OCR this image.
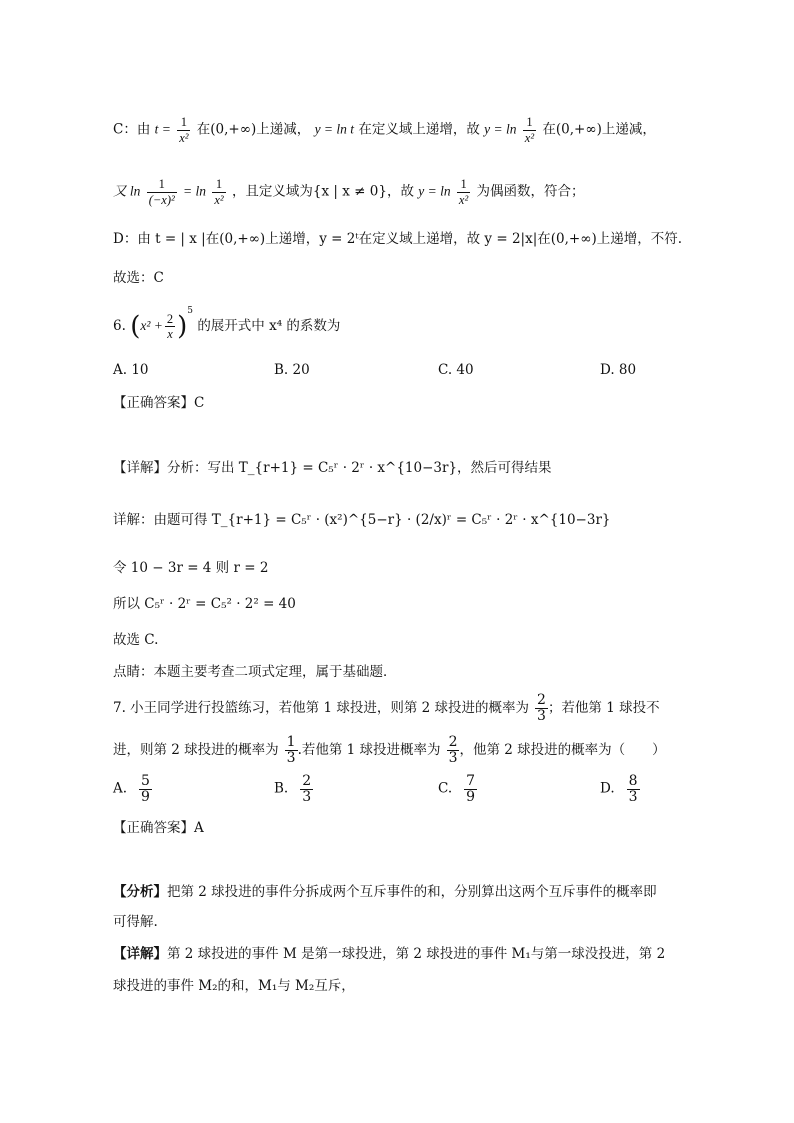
C：由 $t = \frac{1}{\text{x²}}$ 在(0,+∞)上递减， y = ln t 在定义域上递增，故 $y = \ln \frac{1}{\text{x²}}$ 在(0,+∞)上递减，
又 $\ln \frac{1}{\text{(−x)²}} = \ln \frac{1}{\text{x²}}$ ，且定义域为{x | x ≠ 0}，故 $y = \ln \frac{1}{\text{x²}}$ 为偶函数，符合；
D：由 t = | x |在(0,+∞)上递增，y = 2ᵗ在定义域上递增，故 y = 2|x|在(0,+∞)上递增，不符.
故选：C
6. $(x^2 + \frac{2}{x} )^5$ 的展开式中 x⁴ 的系数为
A. 10	B. 20	C. 40	D. 80
【正确答案】C
【详解】分析：写出 T_{r+1} = C₅ʳ · 2ʳ · x^{10−3r}，然后可得结果
详解：由题可得 T_{r+1} = C₅ʳ · (x²)^{5−r} · (2/x)ʳ = C₅ʳ · 2ʳ · x^{10−3r}
令 10 − 3r = 4 则 r = 2
所以 C₅ʳ · 2ʳ = C₅² · 2² = 40
故选 C.
点睛：本题主要考查二项式定理，属于基础题．
7. 小王同学进行投篮练习，若他第 1 球投进，则第 2 球投进的概率为 $\frac{2}{3}$ ；若他第 1 球投不
进，则第 2 球投进的概率为 $\frac{1}{3}$ .若他第 1 球投进概率为 $\frac{2}{3}$ ，他第 2 球投进的概率为（　　）
A. $\frac{5}{9}$	B. $\frac{2}{3}$	C. $\frac{7}{9}$	D. $\frac{8}{3}$
【正确答案】A
【分析】把第 2 球投进的事件分拆成两个互斥事件的和，分别算出这两个互斥事件的概率即
可得解.
【详解】第 2 球投进的事件 M 是第一球投进，第 2 球投进的事件 M₁与第一球没投进，第 2
球投进的事件 M₂的和，M₁与 M₂互斥，
